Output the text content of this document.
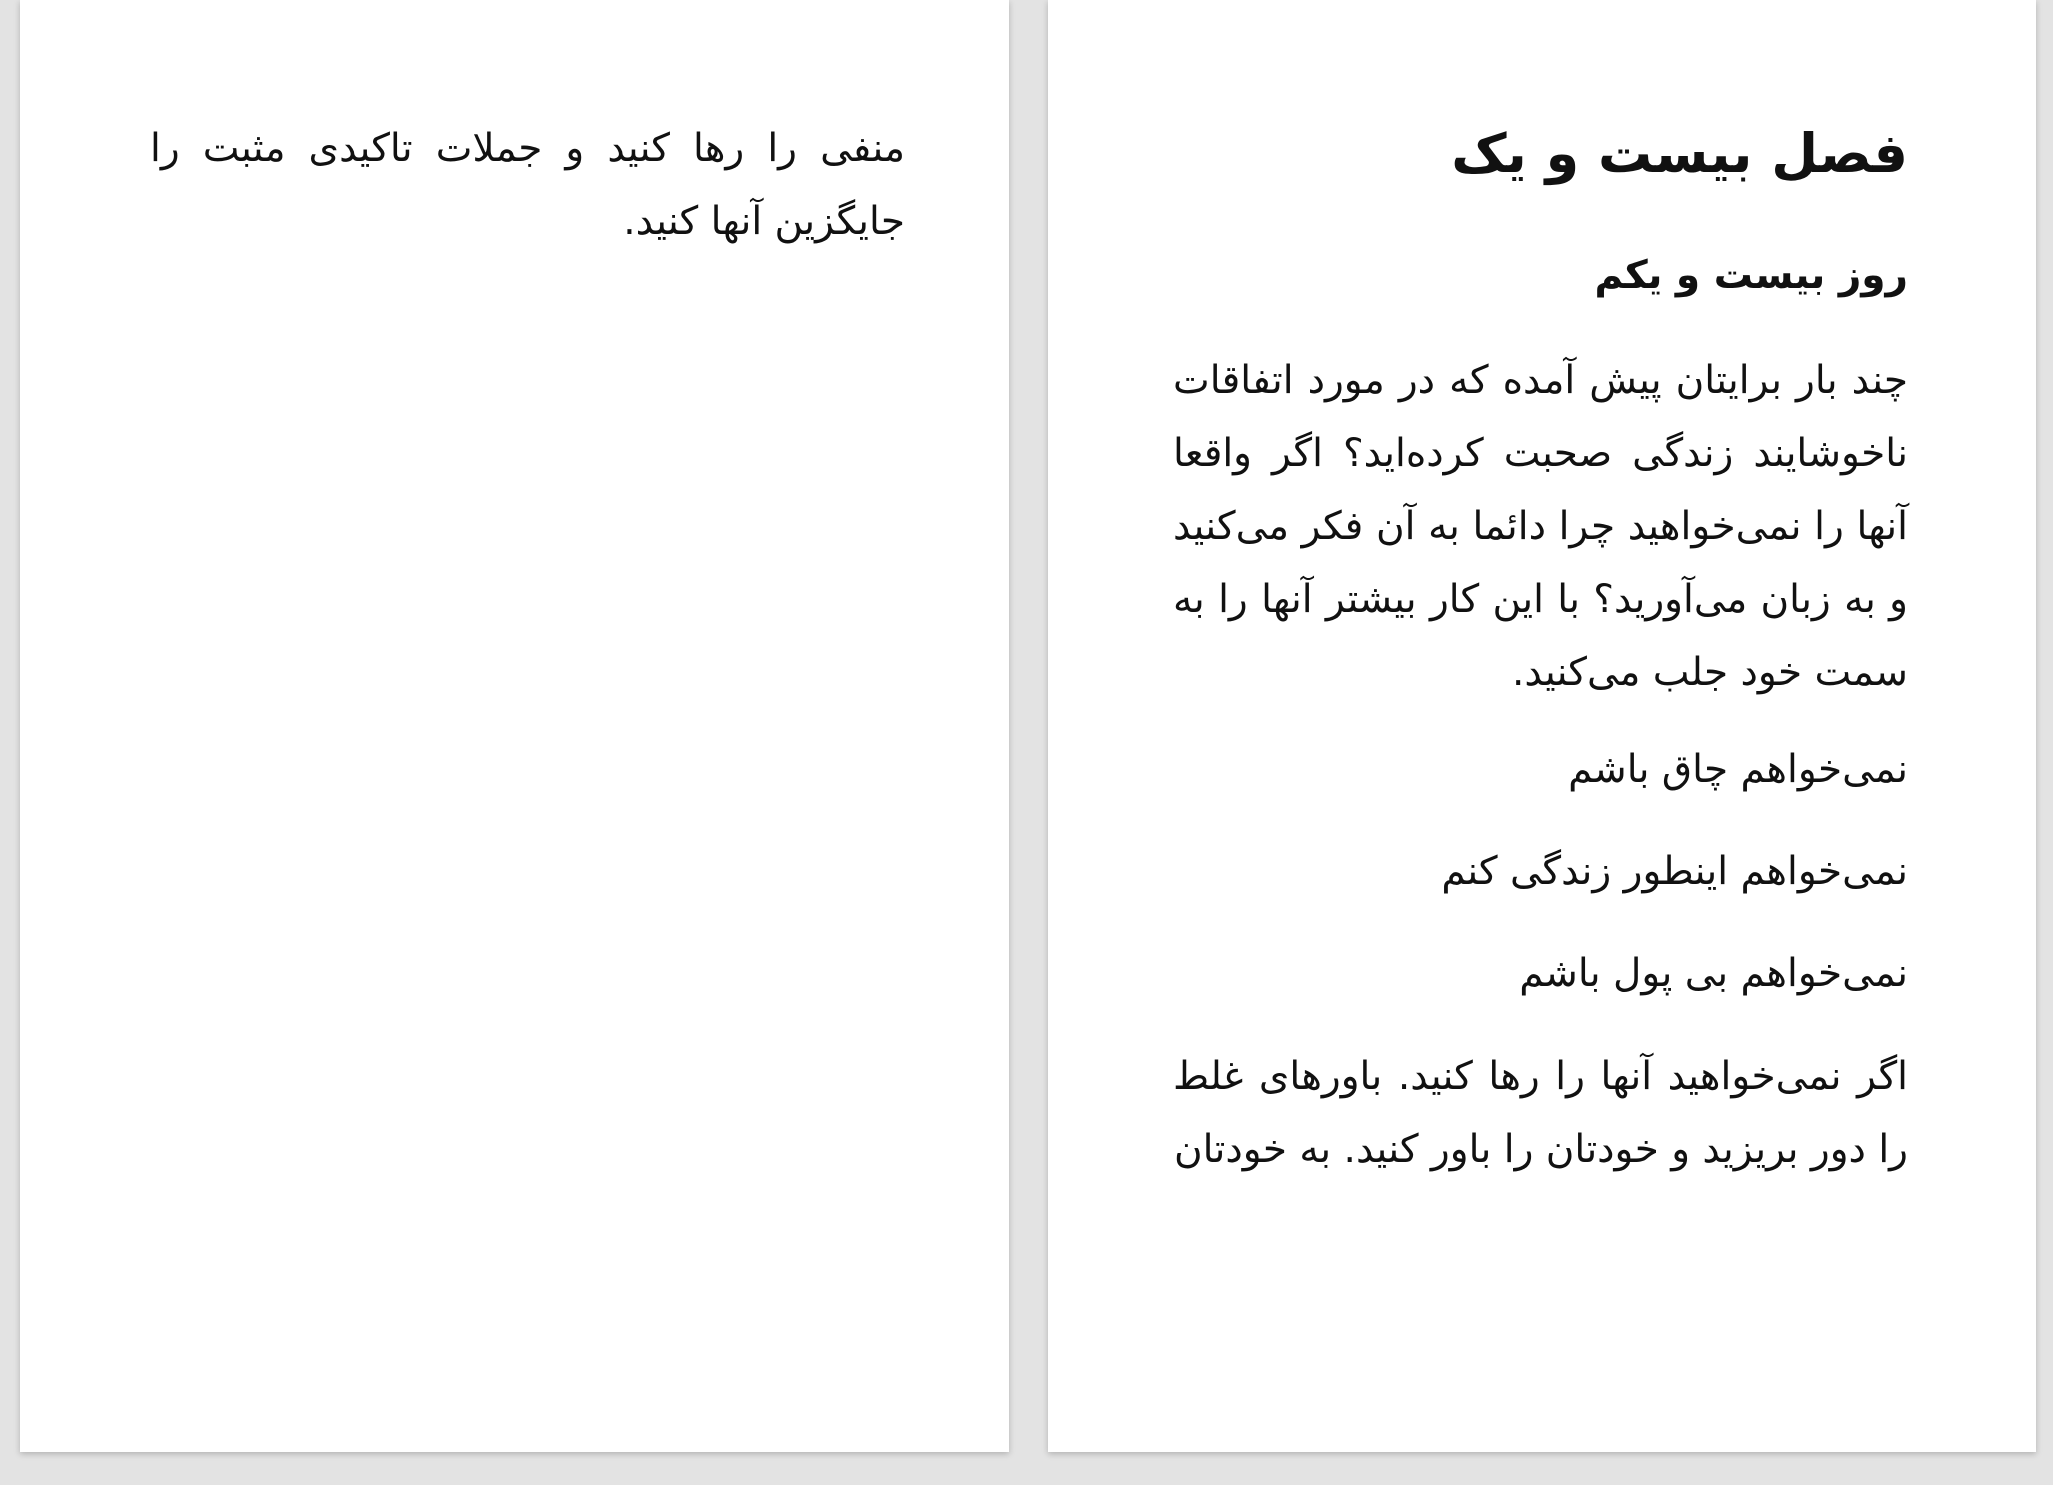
منفی را رها کنید و جملات تاکیدی مثبت را جایگزین آنها کنید.

فصل بیست و یک
روز بیست و یکم

چند بار برایتان پیش آمده که در مورد اتفاقات ناخوشایند زندگی صحبت کرده‌اید؟ اگر واقعا آنها را نمی‌خواهید چرا دائما به آن فکر می‌کنید و به زبان می‌آورید؟ با این کار بیشتر آنها را به سمت خود جلب می‌کنید.

نمی‌خواهم چاق باشم

نمی‌خواهم اینطور زندگی کنم

نمی‌خواهم بی پول باشم

اگر نمی‌خواهید آنها را رها کنید. باورهای غلط را دور بریزید و خودتان را باور کنید. به خودتان
